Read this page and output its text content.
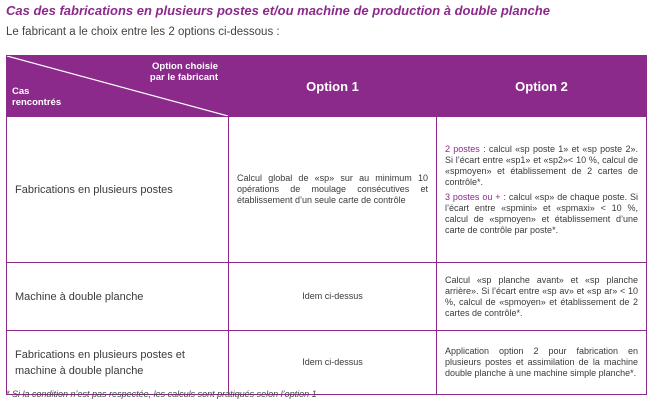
Cas des fabrications en plusieurs postes et/ou machine de production à double planche
Le fabricant a le choix entre les 2 options ci-dessous :
Option choisie
par le fabricant
Cas
rencontrés	Option 1	Option 2
Fabrications en plusieurs postes	Calcul global de «sp» sur au minimum 10 opérations de moulage consécutives et établissement d’un seule carte de contrôle	2 postes : calcul «sp poste 1» et «sp poste 2». Si l’écart entre «sp1» et «sp2»< 10 %, calcul de «spmoyen» et établissement de 2 cartes de contrôle*.
3 postes ou + : calcul «sp» de chaque poste. Si l’écart entre «spmini» et «spmaxi» < 10 %, calcul de «spmoyen» et établissement d’une carte de contrôle par poste*.

Machine à double planche	Idem ci-dessus	Calcul «sp planche avant» et «sp planche arrière». Si l’écart entre «sp av» et «sp ar» < 10 %, calcul de «spmoyen» et établissement de 2 cartes de contrôle*.
Fabrications en plusieurs postes et machine à double planche	Idem ci-dessus	Application option 2 pour fabrication en plusieurs postes et assimilation de la machine double planche à une machine simple planche*.
* Si la condition n’est pas respectée, les calculs sont pratiqués selon l’option 1
